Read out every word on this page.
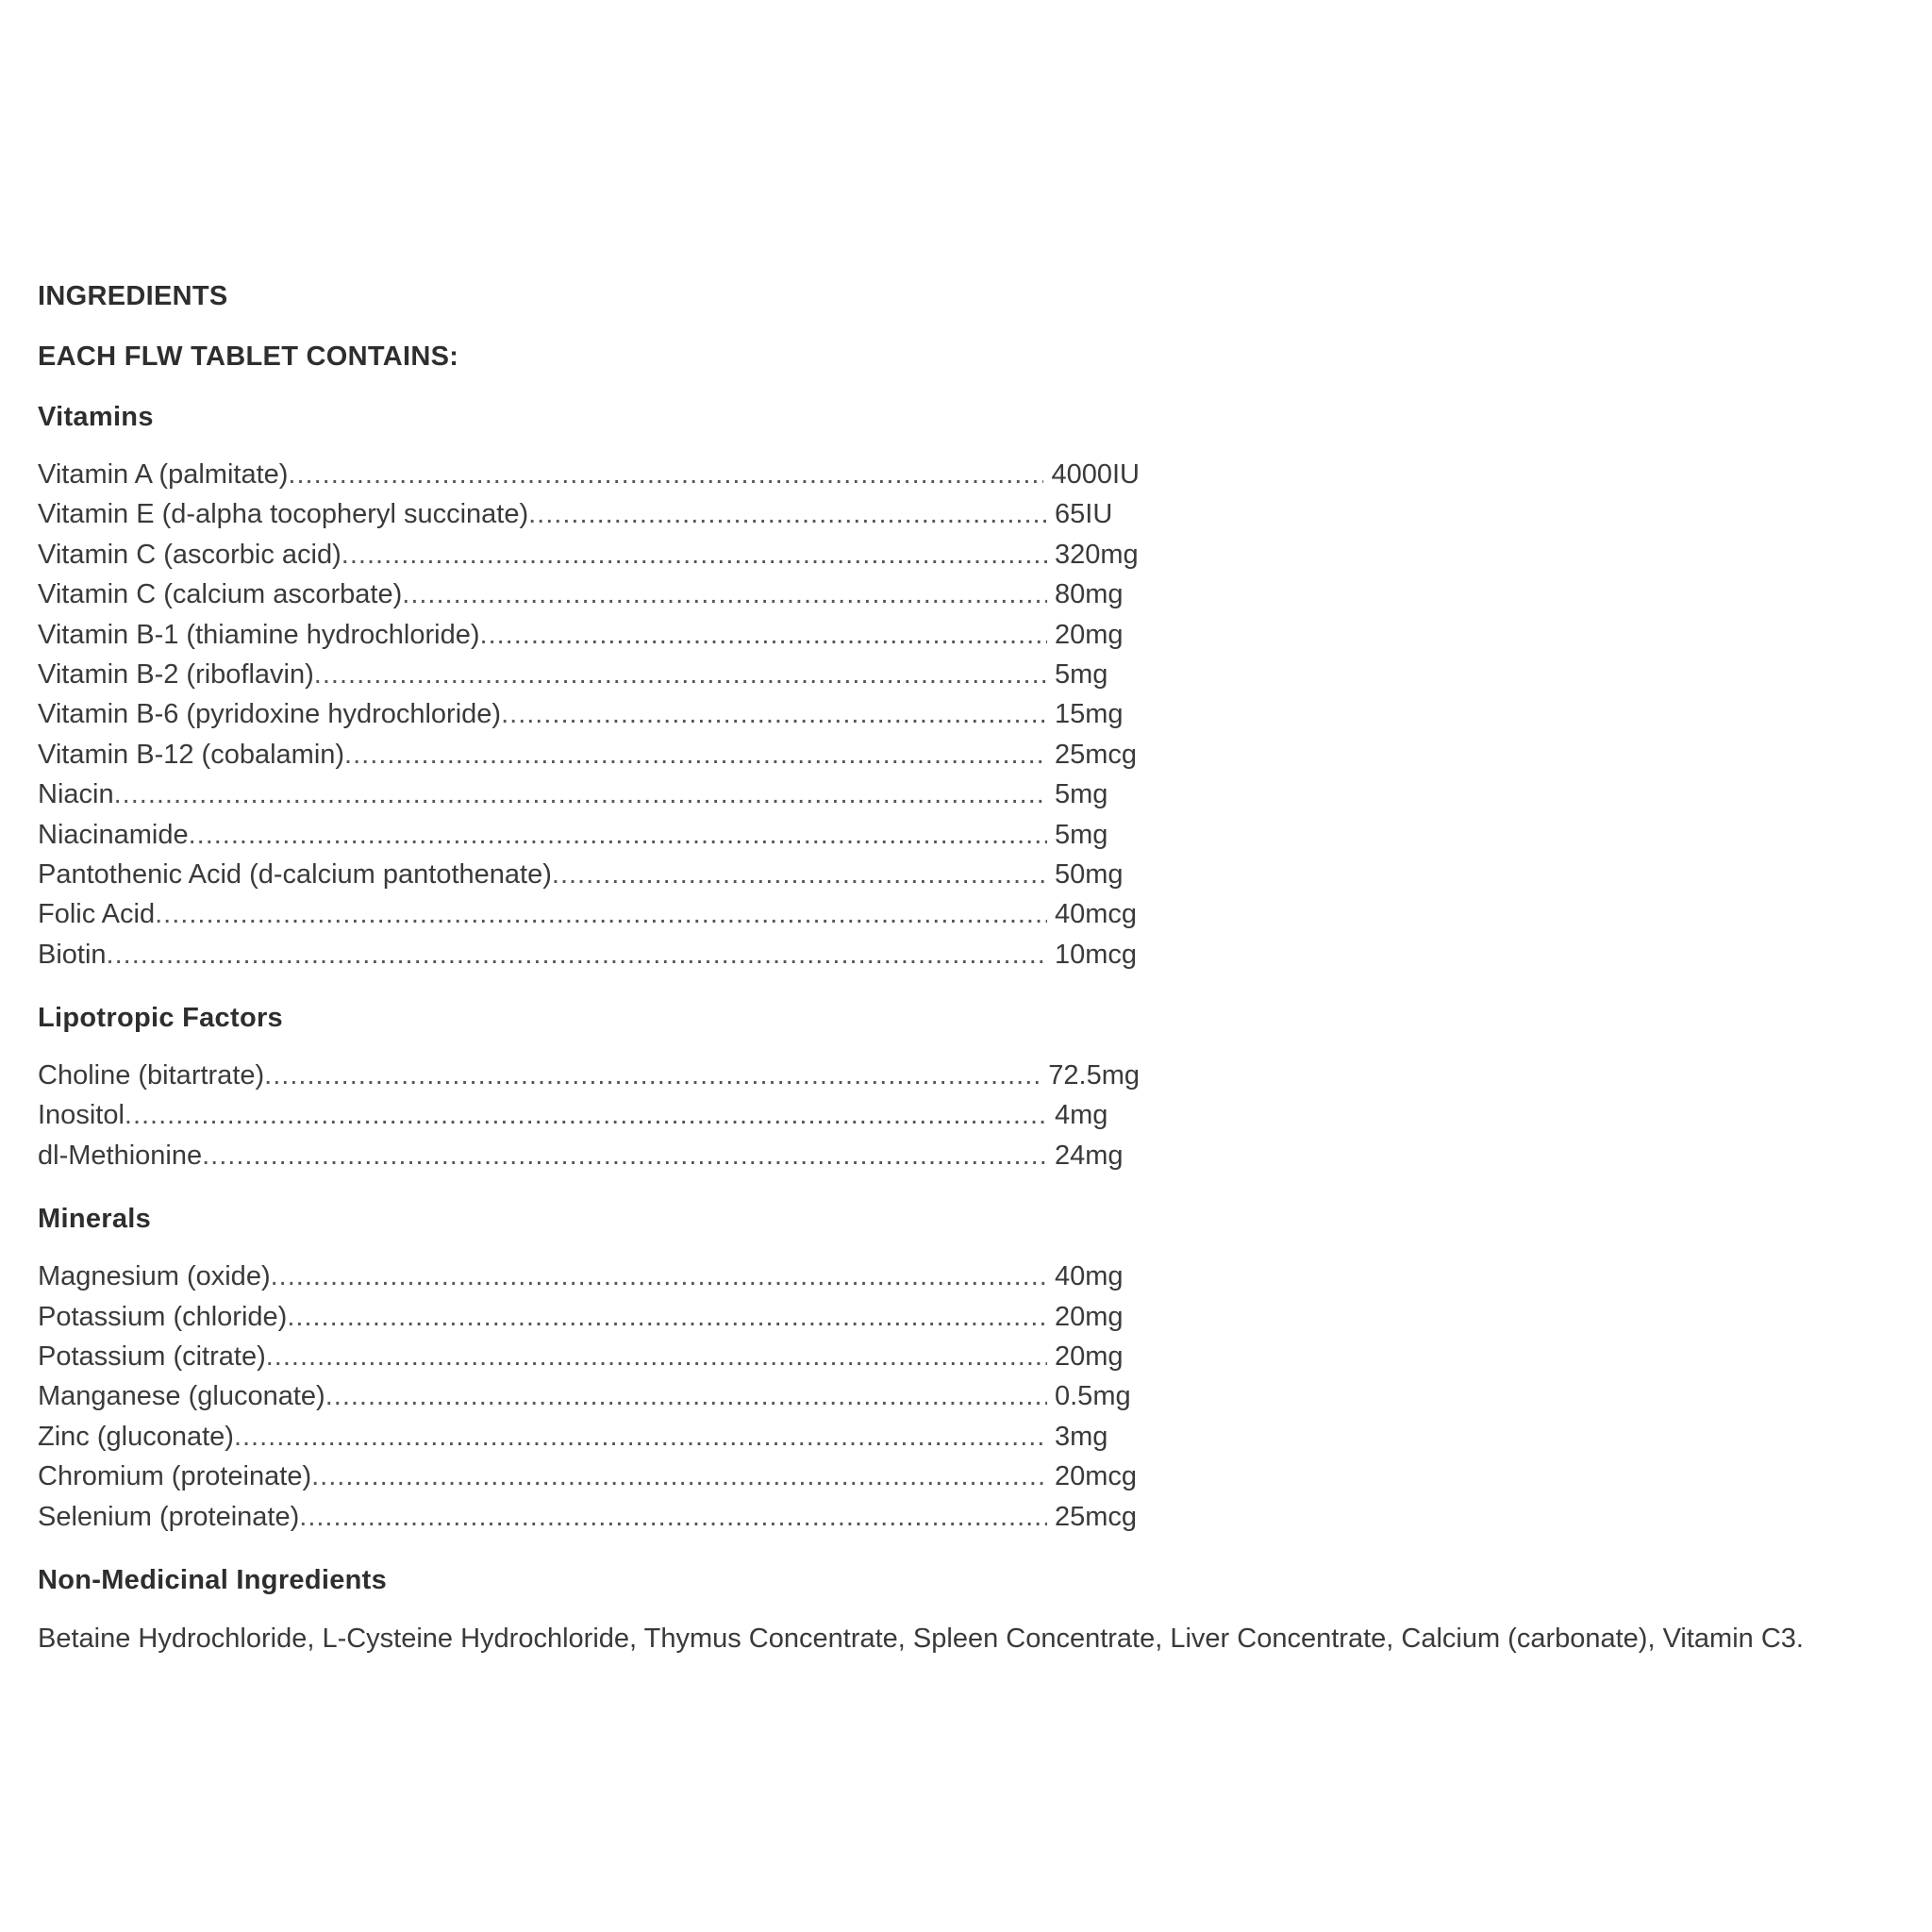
INGREDIENTS
EACH FLW TABLET CONTAINS:
Vitamins
Vitamin A (palmitate) .....	4000IU
Vitamin E (d-alpha tocopheryl succinate) .....	65IU
Vitamin C (ascorbic acid) .....	320mg
Vitamin C (calcium ascorbate) .....	80mg
Vitamin B-1 (thiamine hydrochloride) .....	20mg
Vitamin B-2 (riboflavin) .....	5mg
Vitamin B-6 (pyridoxine hydrochloride) .....	15mg
Vitamin B-12 (cobalamin) .....	25mcg
Niacin .....	5mg
Niacinamide .....	5mg
Pantothenic Acid (d-calcium pantothenate) .....	50mg
Folic Acid .....	40mcg
Biotin .....	10mcg
Lipotropic Factors
Choline (bitartrate) .....	72.5mg
Inositol .....	4mg
dl-Methionine .....	24mg
Minerals
Magnesium (oxide) .....	40mg
Potassium (chloride) .....	20mg
Potassium (citrate) .....	20mg
Manganese (gluconate) .....	0.5mg
Zinc (gluconate) .....	3mg
Chromium (proteinate) .....	20mcg
Selenium (proteinate) .....	25mcg
Non-Medicinal Ingredients
Betaine Hydrochloride, L-Cysteine Hydrochloride, Thymus Concentrate, Spleen Concentrate, Liver Concentrate, Calcium (carbonate), Vitamin C3.
